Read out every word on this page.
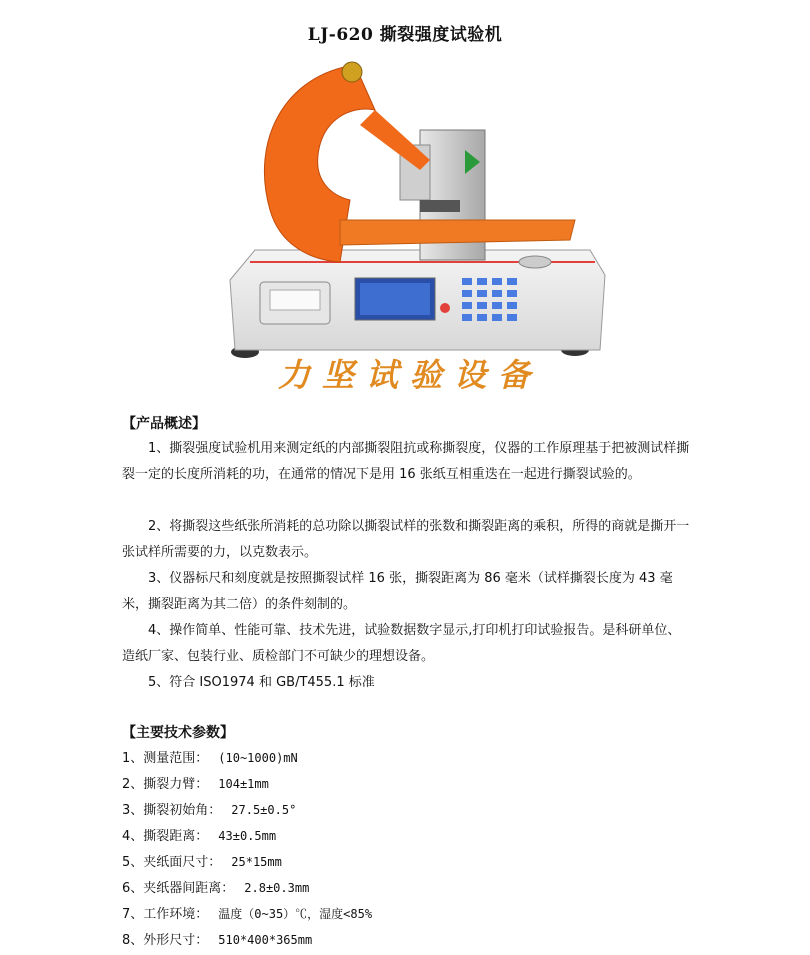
LJ-620 撕裂强度试验机
力坚试验设备
【产品概述】

1、撕裂强度试验机用来测定纸的内部撕裂阻抗或称撕裂度，仪器的工作原理基于把被测试样撕裂一定的长度所消耗的功，在通常的情况下是用 16 张纸互相重迭在一起进行撕裂试验的。

2、将撕裂这些纸张所消耗的总功除以撕裂试样的张数和撕裂距离的乘积，所得的商就是撕开一张试样所需要的力，以克数表示。

3、仪器标尺和刻度就是按照撕裂试样 16 张，撕裂距离为 86 毫米（试样撕裂长度为 43 毫米，撕裂距离为其二倍）的条件刻制的。

4、操作简单、性能可靠、技术先进，试验数据数字显示,打印机打印试验报告。是科研单位、造纸厂家、包装行业、质检部门不可缺少的理想设备。

5、符合 ISO1974 和 GB/T455.1 标准

【主要技术参数】
1、测量范围： (10~1000)mN
2、撕裂力臂： 104±1mm
3、撕裂初始角： 27.5±0.5°
4、撕裂距离： 43±0.5mm
5、夹纸面尺寸： 25*15mm
6、夹纸器间距离： 2.8±0.3mm
7、工作环境： 温度（0~35）℃，湿度<85%
8、外形尺寸： 510*400*365mm
